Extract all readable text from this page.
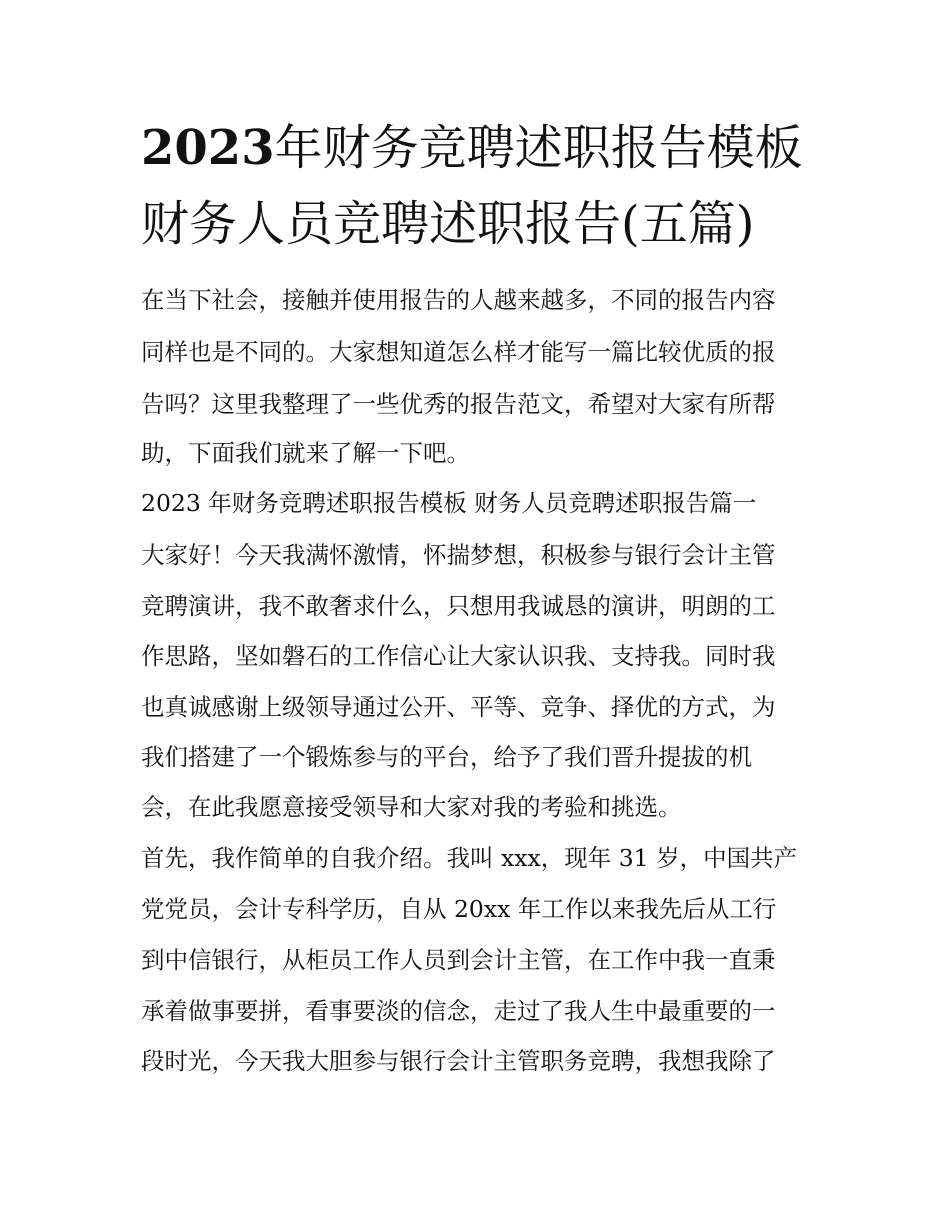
2023年财务竞聘述职报告模板
财务人员竞聘述职报告(五篇)
在当下社会，接触并使用报告的人越来越多，不同的报告内容
同样也是不同的。大家想知道怎么样才能写一篇比较优质的报
告吗？这里我整理了一些优秀的报告范文，希望对大家有所帮
助，下面我们就来了解一下吧。
2023 年财务竞聘述职报告模板 财务人员竞聘述职报告篇一
大家好！今天我满怀激情，怀揣梦想，积极参与银行会计主管
竞聘演讲，我不敢奢求什么，只想用我诚恳的演讲，明朗的工
作思路，坚如磐石的工作信心让大家认识我、支持我。同时我
也真诚感谢上级领导通过公开、平等、竞争、择优的方式，为
我们搭建了一个锻炼参与的平台，给予了我们晋升提拔的机
会，在此我愿意接受领导和大家对我的考验和挑选。
首先，我作简单的自我介绍。我叫 xxx，现年 31 岁，中国共产
党党员，会计专科学历，自从 20xx 年工作以来我先后从工行
到中信银行，从柜员工作人员到会计主管，在工作中我一直秉
承着做事要拼，看事要淡的信念，走过了我人生中最重要的一
段时光，今天我大胆参与银行会计主管职务竞聘，我想我除了
